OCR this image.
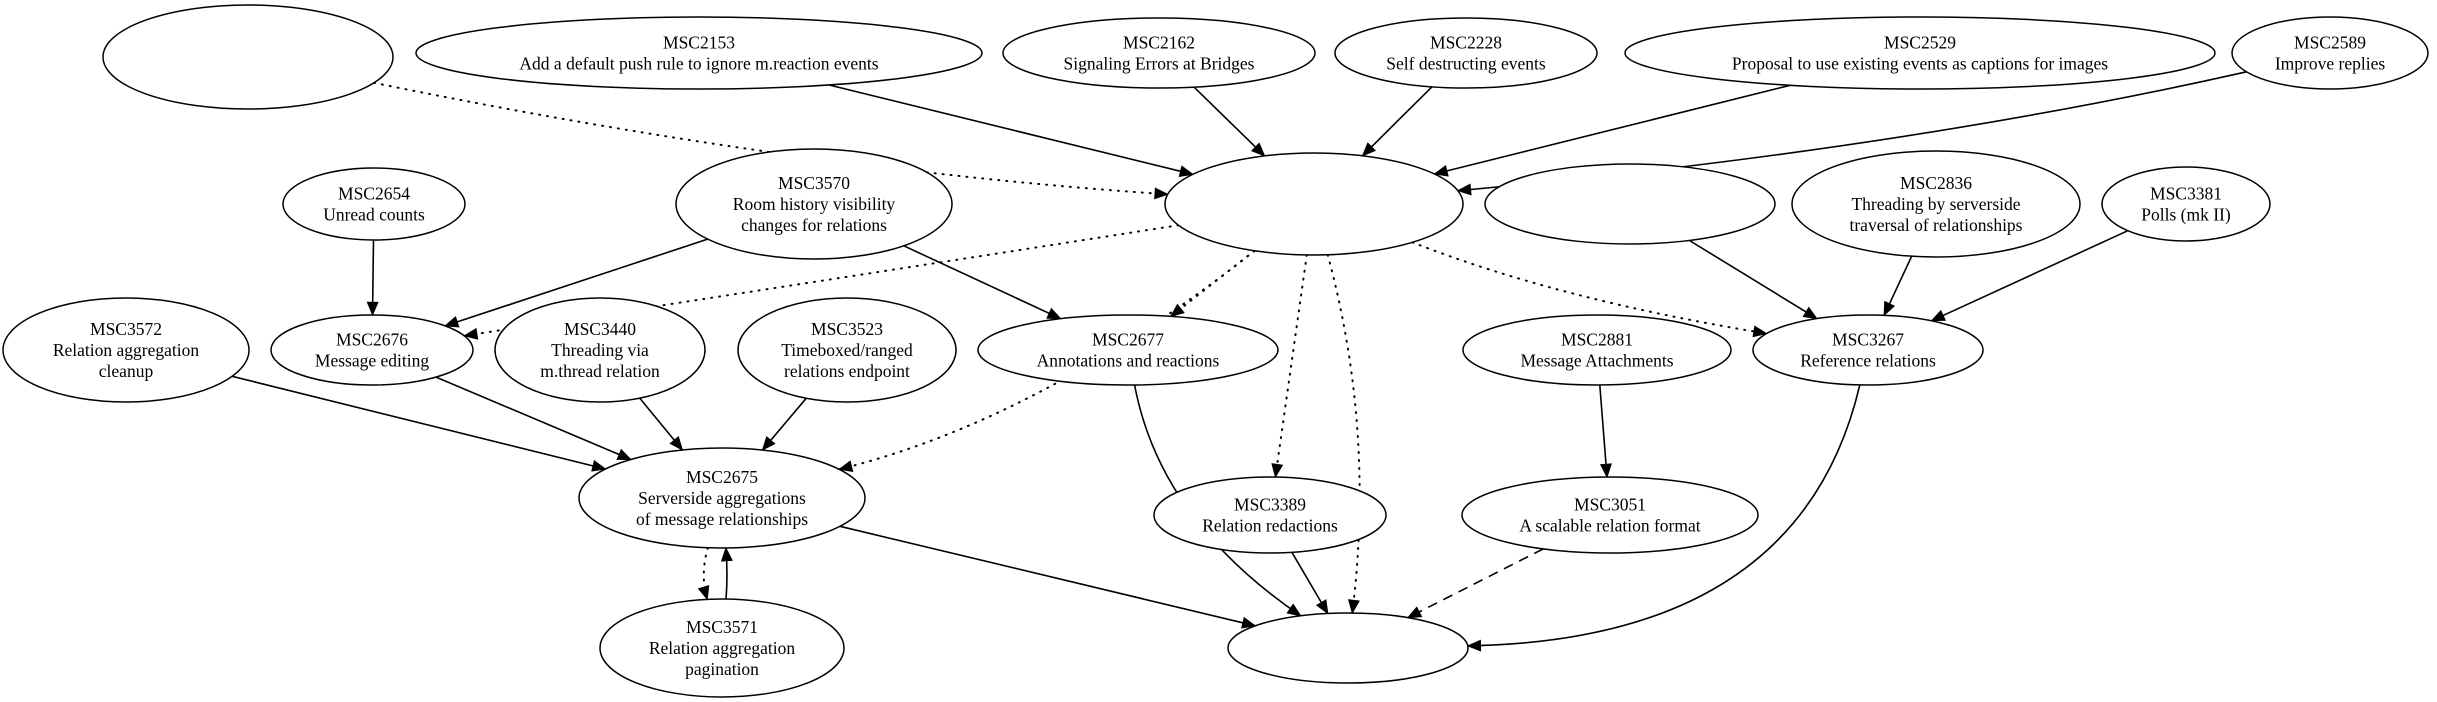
MSC441
Support for
Reactions / Aggregations
MSC2153
Add a default push rule to ignore m.reaction events
MSC2162
Signaling Errors at Bridges
MSC2228
Self destructing events
MSC2529
Proposal to use existing events as captions for images
MSC2589
Improve replies
MSC2654
Unread counts
MSC3570
Room history visibility
changes for relations
MSC1849
Proposal for
m.relates_to aggregations
MSC2241
Key verification in DMs
MSC2836
Threading by serverside
traversal of relationships
MSC3381
Polls (mk II)
MSC3572
Relation aggregation
cleanup
MSC2676
Message editing
MSC3440
Threading via
m.thread relation
MSC3523
Timeboxed/ranged
relations endpoint
MSC2677
Annotations and reactions
MSC2881
Message Attachments
MSC3267
Reference relations
MSC2675
Serverside aggregations
of message relationships
MSC3389
Relation redactions
MSC3051
A scalable relation format
MSC3571
Relation aggregation
pagination
MSC2674
Event Relationships
